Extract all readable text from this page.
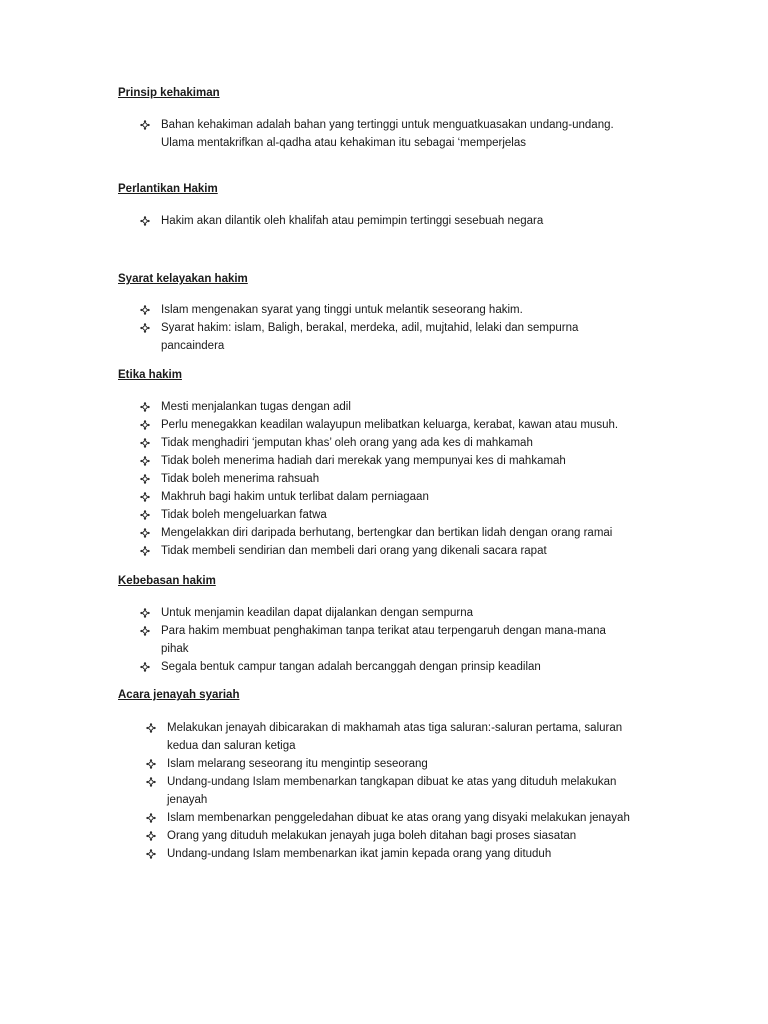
Prinsip kehakiman
Bahan kehakiman adalah bahan yang tertinggi untuk menguatkuasakan undang-undang. Ulama mentakrifkan al-qadha atau kehakiman itu sebagai ‘memperjelas
Perlantikan Hakim
Hakim akan dilantik oleh khalifah atau pemimpin tertinggi sesebuah negara
Syarat kelayakan hakim
Islam mengenakan syarat yang tinggi untuk melantik seseorang hakim.
Syarat hakim: islam, Baligh, berakal, merdeka, adil, mujtahid, lelaki dan sempurna pancaindera
Etika hakim
Mesti menjalankan tugas dengan adil
Perlu menegakkan keadilan walayupun melibatkan keluarga, kerabat, kawan atau musuh.
Tidak menghadiri ‘jemputan khas’ oleh orang yang ada kes di mahkamah
Tidak boleh menerima hadiah dari merekak yang mempunyai kes di mahkamah
Tidak boleh menerima rahsuah
Makhruh bagi hakim untuk terlibat dalam perniagaan
Tidak boleh mengeluarkan fatwa
Mengelakkan diri daripada berhutang, bertengkar dan bertikan lidah dengan orang ramai
Tidak membeli sendirian dan membeli dari orang yang dikenali sacara rapat
Kebebasan hakim
Untuk menjamin keadilan dapat dijalankan dengan sempurna
Para hakim membuat penghakiman tanpa terikat atau terpengaruh dengan mana-mana pihak
Segala bentuk campur tangan adalah bercanggah dengan prinsip keadilan
Acara jenayah syariah
Melakukan jenayah dibicarakan di makhamah atas tiga saluran:-saluran pertama, saluran kedua dan saluran ketiga
Islam melarang seseorang itu mengintip seseorang
Undang-undang Islam membenarkan tangkapan dibuat ke atas yang dituduh melakukan jenayah
Islam membenarkan penggeledahan dibuat ke atas orang yang disyaki melakukan jenayah
Orang yang dituduh melakukan jenayah juga boleh ditahan bagi proses siasatan
Undang-undang Islam membenarkan ikat jamin kepada orang yang dituduh
